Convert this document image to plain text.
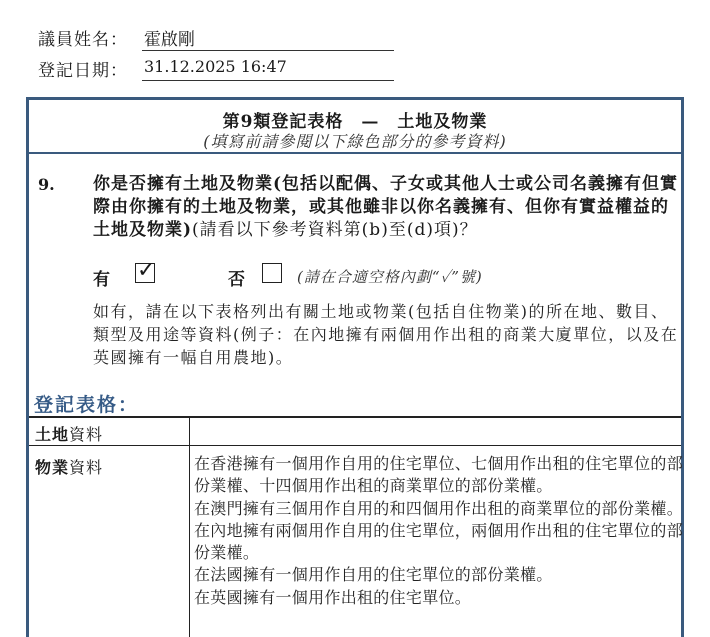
議員姓名： 霍啟剛
登記日期： 31.12.2025 16:47
第9類登記表格　—　土地及物業
(填寫前請參閱以下綠色部分的參考資料)
9. 你是否擁有土地及物業(包括以配偶、子女或其他人士或公司名義擁有但實際由你擁有的土地及物業，或其他雖非以你名義擁有、但你有實益權益的土地及物業)(請看以下參考資料第(b)至(d)項)？
有 ✓	否	(請在合適空格內劃“✓”號)
如有，請在以下表格列出有關土地或物業(包括自住物業)的所在地、數目、類型及用途等資料(例子：在內地擁有兩個用作出租的商業大廈單位，以及在英國擁有一幅自用農地)。
登記表格：
土地資料
物業資料	在香港擁有一個用作自用的住宅單位、七個用作出租的住宅單位的部份業權、十四個用作出租的商業單位的部份業權。
在澳門擁有三個用作自用的和四個用作出租的商業單位的部份業權。
在內地擁有兩個用作自用的住宅單位，兩個用作出租的住宅單位的部份業權。
在法國擁有一個用作自用的住宅單位的部份業權。
在英國擁有一個用作出租的住宅單位。
